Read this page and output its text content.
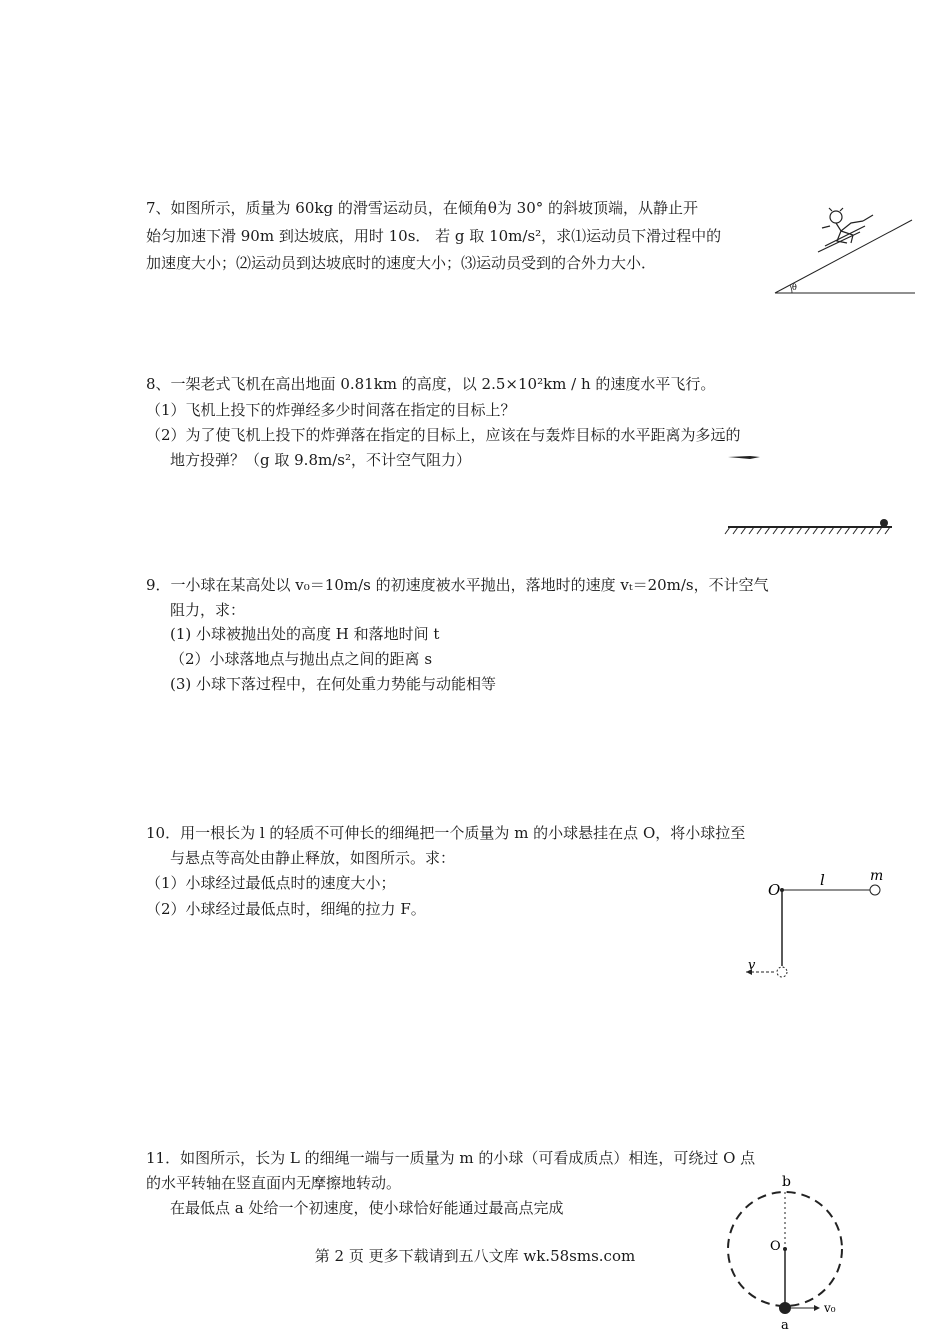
7、如图所示，质量为 60kg 的滑雪运动员，在倾角θ为 30° 的斜坡顶端，从静止开
始匀加速下滑 90m 到达坡底，用时 10s． 若 g 取 10m/s²，求⑴运动员下滑过程中的
加速度大小；⑵运动员到达坡底时的速度大小；⑶运动员受到的合外力大小．
θ
8、一架老式飞机在高出地面 0.81km 的高度，以 2.5×10²km / h 的速度水平飞行。
（1）飞机上投下的炸弹经多少时间落在指定的目标上？
（2）为了使飞机上投下的炸弹落在指定的目标上，应该在与轰炸目标的水平距离为多远的
地方投弹？（g 取 9.8m/s²，不计空气阻力）
9．一小球在某高处以 v₀＝10m/s 的初速度被水平抛出，落地时的速度 vₜ＝20m/s，不计空气
阻力，求：
(1) 小球被抛出处的高度 H 和落地时间 t
（2）小球落地点与抛出点之间的距离 s
(3) 小球下落过程中，在何处重力势能与动能相等
10．用一根长为 l 的轻质不可伸长的细绳把一个质量为 m 的小球悬挂在点 O，将小球拉至
与悬点等高处由静止释放，如图所示。求：
（1）小球经过最低点时的速度大小；
（2）小球经过最低点时，细绳的拉力 F。
O
l	m
v
11．如图所示，长为 L 的细绳一端与一质量为 m 的小球（可看成质点）相连，可绕过 O 点
的水平转轴在竖直面内无摩擦地转动。
在最低点 a 处给一个初速度，使小球恰好能通过最高点完成
b
O
v₀
a
第 2 页 更多下载请到五八文库 wk.58sms.com
